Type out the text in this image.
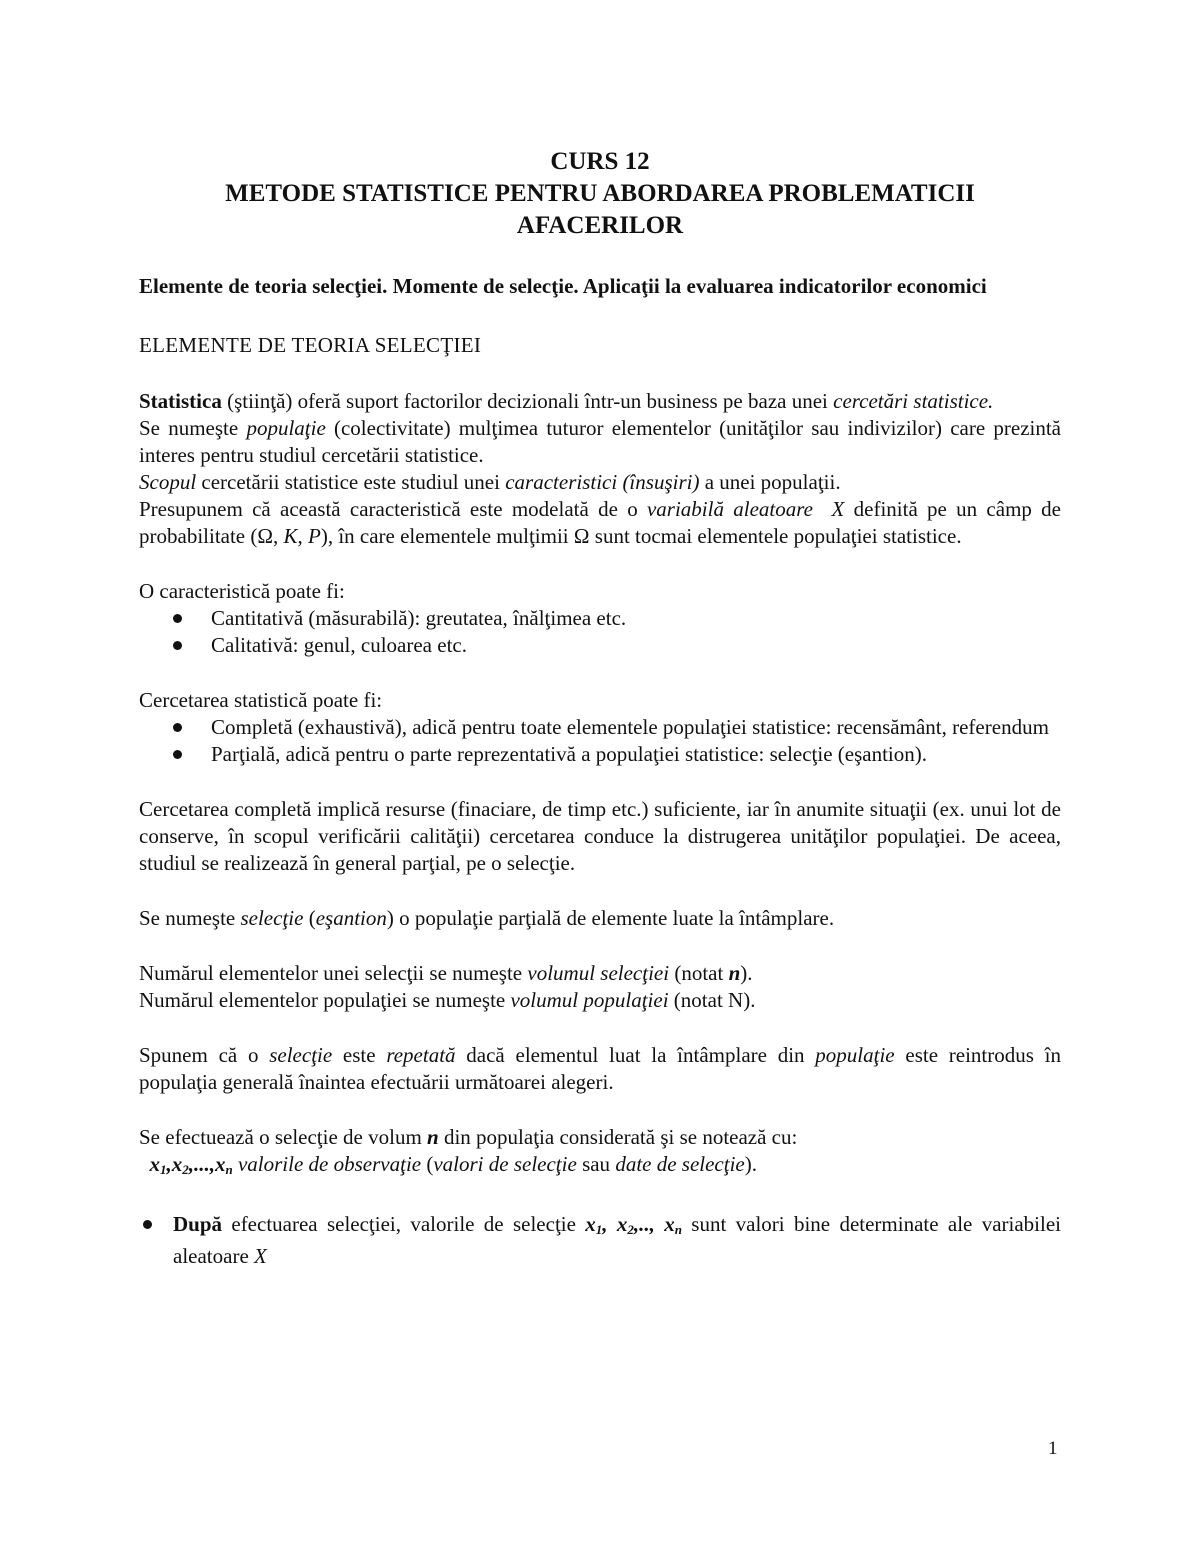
CURS 12
METODE STATISTICE PENTRU ABORDAREA PROBLEMATICII
AFACERILOR
Elemente de teoria selecţiei. Momente de selecţie. Aplicaţii la evaluarea indicatorilor economici
ELEMENTE DE TEORIA SELECŢIEI

Statistica (ştiinţă) oferă suport factorilor decizionali într-un business pe baza unei cercetări statistice.

Se numeşte populaţie (colectivitate) mulţimea tuturor elementelor (unităţilor sau indivizilor) care prezintă interes pentru studiul cercetării statistice.

Scopul cercetării statistice este studiul unei caracteristici (însuşiri) a unei populaţii.

Presupunem că această caracteristică este modelată de o variabilă aleatoare X definită pe un câmp de probabilitate (Ω, K, P), în care elementele mulţimii Ω sunt tocmai elementele populaţiei statistice.

O caracteristică poate fi:

Cantitativă (măsurabilă): greutatea, înălţimea etc.
Calitativă: genul, culoarea etc.

Cercetarea statistică poate fi:

Completă (exhaustivă), adică pentru toate elementele populaţiei statistice: recensământ, referendum
Parţială, adică pentru o parte reprezentativă a populaţiei statistice: selecţie (eşantion).

Cercetarea completă implică resurse (finaciare, de timp etc.) suficiente, iar în anumite situaţii (ex. unui lot de conserve, în scopul verificării calităţii) cercetarea conduce la distrugerea unităţilor populaţiei. De aceea, studiul se realizează în general parţial, pe o selecţie.

Se numeşte selecţie (eşantion) o populaţie parţială de elemente luate la întâmplare.

Numărul elementelor unei selecţii se numeşte volumul selecţiei (notat n).

Numărul elementelor populaţiei se numeşte volumul populaţiei (notat N).

Spunem că o selecţie este repetată dacă elementul luat la întâmplare din populaţie este reintrodus în populaţia generală înaintea efectuării următoarei alegeri.

Se efectuează o selecţie de volum n din populaţia considerată şi se notează cu:

$x_1,x_2,...,x_n$ valorile de observaţie (valori de selecţie sau date de selecţie).

După efectuarea selecţiei, valorile de selecţie $x_1$, $x_2$,.., $x_n$ sunt valori bine determinate ale variabilei aleatoare X
1
